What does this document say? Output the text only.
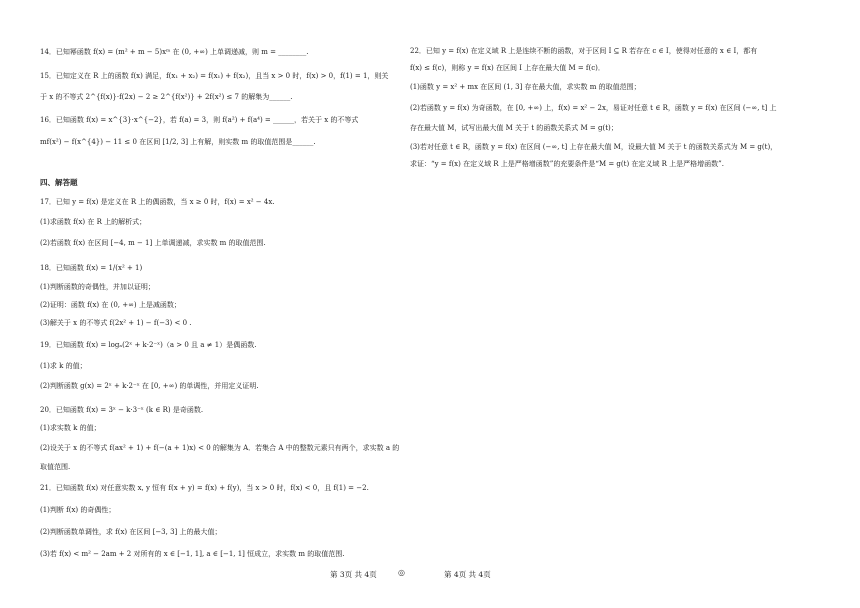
14．已知幂函数 f(x) = (m² + m − 5)xᵐ 在 (0, +∞) 上单调递减，则 m = ________.
15．已知定义在 R 上的函数 f(x) 满足，f(x₁ + x₂) = f(x₁) + f(x₂)，且当 x > 0 时，f(x) > 0，f(1) = 1，则关
于 x 的不等式 2^{f(x)}·f(2x) − 2 ≥ 2^{f(x²)} + 2f(x²) ≤ 7 的解集为______.
16．已知函数 f(x) = x^{3}·x^{−2}，若 f(a) = 3，则 f(a²) + f(a⁴) = ______，若关于 x 的不等式
mf(x²) − f(x^{4}) − 11 ≤ 0 在区间 [1/2, 3] 上有解，则实数 m 的取值范围是______.
四、解答题
17．已知 y = f(x) 是定义在 R 上的偶函数，当 x ≥ 0 时，f(x) = x² − 4x.
(1)求函数 f(x) 在 R 上的解析式；
(2)若函数 f(x) 在区间 [−4, m − 1] 上单调递减，求实数 m 的取值范围.
18．已知函数 f(x) = 1/(x² + 1)
(1)判断函数的奇偶性，并加以证明；
(2)证明：函数 f(x) 在 (0, +∞) 上是减函数；
(3)解关于 x 的不等式 f(2x² + 1) − f(−3) < 0 .
19．已知函数 f(x) = logₐ(2ˣ + k·2⁻ˣ)（a > 0 且 a ≠ 1）是偶函数.
(1)求 k 的值；
(2)判断函数 g(x) = 2ˣ + k·2⁻ˣ 在 [0, +∞) 的单调性，并用定义证明.
20．已知函数 f(x) = 3ˣ − k·3⁻ˣ (k ∈ R) 是奇函数.
(1)求实数 k 的值；
(2)设关于 x 的不等式 f(ax² + 1) + f(−(a + 1)x) < 0 的解集为 A．若集合 A 中的整数元素只有两个，求实数 a 的
取值范围.
21．已知函数 f(x) 对任意实数 x, y 恒有 f(x + y) = f(x) + f(y)，当 x > 0 时，f(x) < 0，且 f(1) = −2.
(1)判断 f(x) 的奇偶性；
(2)判断函数单调性，求 f(x) 在区间 [−3, 3] 上的最大值；
(3)若 f(x) < m² − 2am + 2 对所有的 x ∈ [−1, 1], a ∈ [−1, 1] 恒成立，求实数 m 的取值范围.
22．已知 y = f(x) 在定义域 R 上是连续不断的函数，对于区间 I ⊆ R 若存在 c ∈ I，使得对任意的 x ∈ I，都有
f(x) ≤ f(c)，则称 y = f(x) 在区间 I 上存在最大值 M = f(c)．
(1)函数 y = x² + mx 在区间 (1, 3] 存在最大值，求实数 m 的取值范围；
(2)若函数 y = f(x) 为奇函数，在 [0, +∞) 上，f(x) = x² − 2x，易证对任意 t ∈ R，函数 y = f(x) 在区间 (−∞, t] 上
存在最大值 M，试写出最大值 M 关于 t 的函数关系式 M = g(t)；
(3)若对任意 t ∈ R，函数 y = f(x) 在区间 (−∞, t] 上存在最大值 M，设最大值 M 关于 t 的函数关系式为 M = g(t)，
求证：“y = f(x) 在定义域 R 上是严格增函数”的充要条件是“M = g(t) 在定义域 R 上是严格增函数”.
第 3页 共 4页	◎	第 4页 共 4页
